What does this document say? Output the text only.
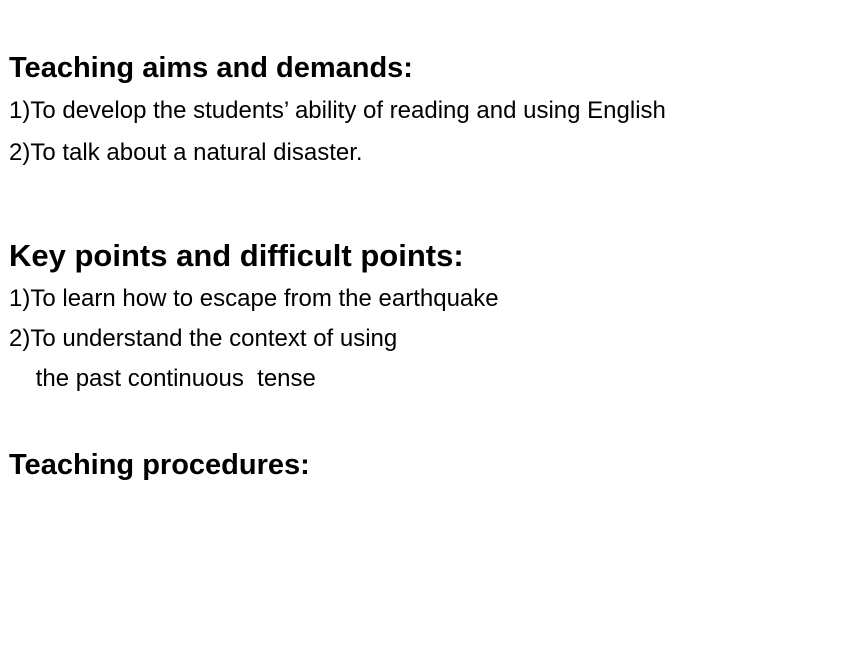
Teaching aims and demands:
1)To develop the students’ ability of reading and using English
2)To talk about a natural disaster.
Key points and difficult points:
1)To learn how to escape from the earthquake
2)To understand the context of using
the past continuous  tense
Teaching procedures:
